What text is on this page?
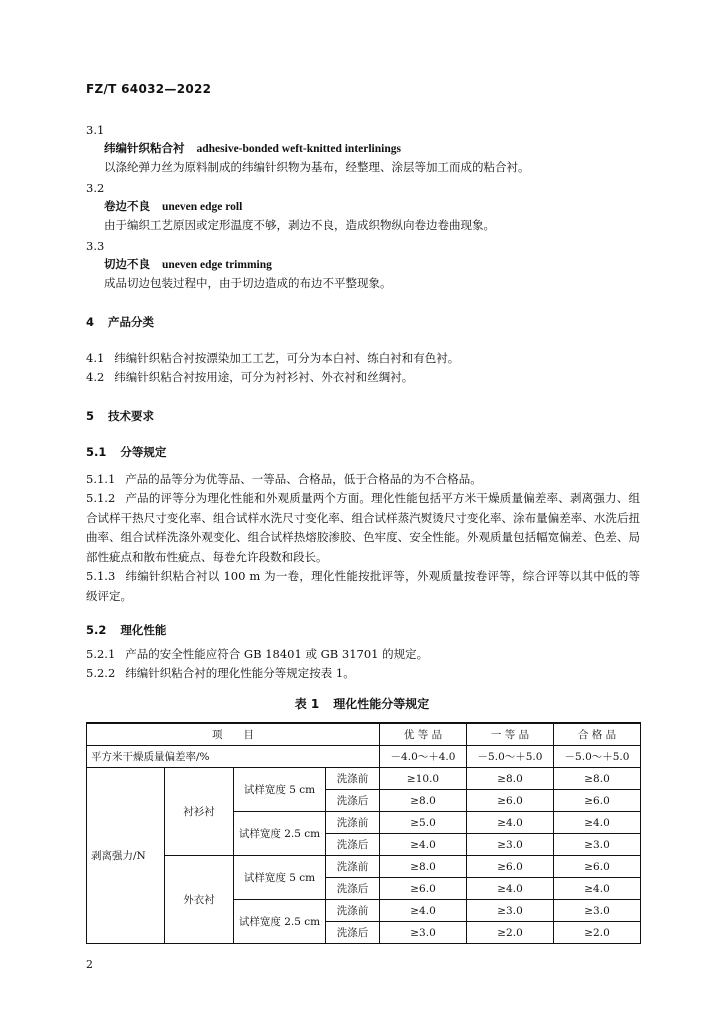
FZ/T 64032—2022
3.1
纬编针织粘合衬 adhesive-bonded weft-knitted interlinings
以涤纶弹力丝为原料制成的纬编针织物为基布，经整理、涂层等加工而成的粘合衬。
3.2
卷边不良 uneven edge roll
由于编织工艺原因或定形温度不够，剥边不良，造成织物纵向卷边卷曲现象。
3.3
切边不良 uneven edge trimming
成品切边包装过程中，由于切边造成的布边不平整现象。
4 产品分类
4.1 纬编针织粘合衬按漂染加工工艺，可分为本白衬、练白衬和有色衬。
4.2 纬编针织粘合衬按用途，可分为衬衫衬、外衣衬和丝绸衬。
5 技术要求
5.1 分等规定
5.1.1 产品的品等分为优等品、一等品、合格品，低于合格品的为不合格品。
5.1.2 产品的评等分为理化性能和外观质量两个方面。理化性能包括平方米干燥质量偏差率、剥离强力、组合试样干热尺寸变化率、组合试样水洗尺寸变化率、组合试样蒸汽熨烫尺寸变化率、涂布量偏差率、水洗后扭曲率、组合试样洗涤外观变化、组合试样热熔胶渗胶、色牢度、安全性能。外观质量包括幅宽偏差、色差、局部性疵点和散布性疵点、每卷允许段数和段长。
5.1.3 纬编针织粘合衬以 100 m 为一卷，理化性能按批评等，外观质量按卷评等，综合评等以其中低的等级评定。
5.2 理化性能
5.2.1 产品的安全性能应符合 GB 18401 或 GB 31701 的规定。
5.2.2 纬编针织粘合衬的理化性能分等规定按表 1。
表 1 理化性能分等规定
项　　目				优 等 品	一 等 品	合 格 品
平方米干燥质量偏差率/%				－4.0～＋4.0	－5.0～＋5.0	－5.0～＋5.0
剥离强力/N	衬衫衬	试样宽度 5 cm	洗涤前	≥10.0	≥8.0	≥8.0
			洗涤后	≥8.0	≥6.0	≥6.0
		试样宽度 2.5 cm	洗涤前	≥5.0	≥4.0	≥4.0
			洗涤后	≥4.0	≥3.0	≥3.0
	外衣衬	试样宽度 5 cm	洗涤前	≥8.0	≥6.0	≥6.0
			洗涤后	≥6.0	≥4.0	≥4.0
		试样宽度 2.5 cm	洗涤前	≥4.0	≥3.0	≥3.0
			洗涤后	≥3.0	≥2.0	≥2.0
2
